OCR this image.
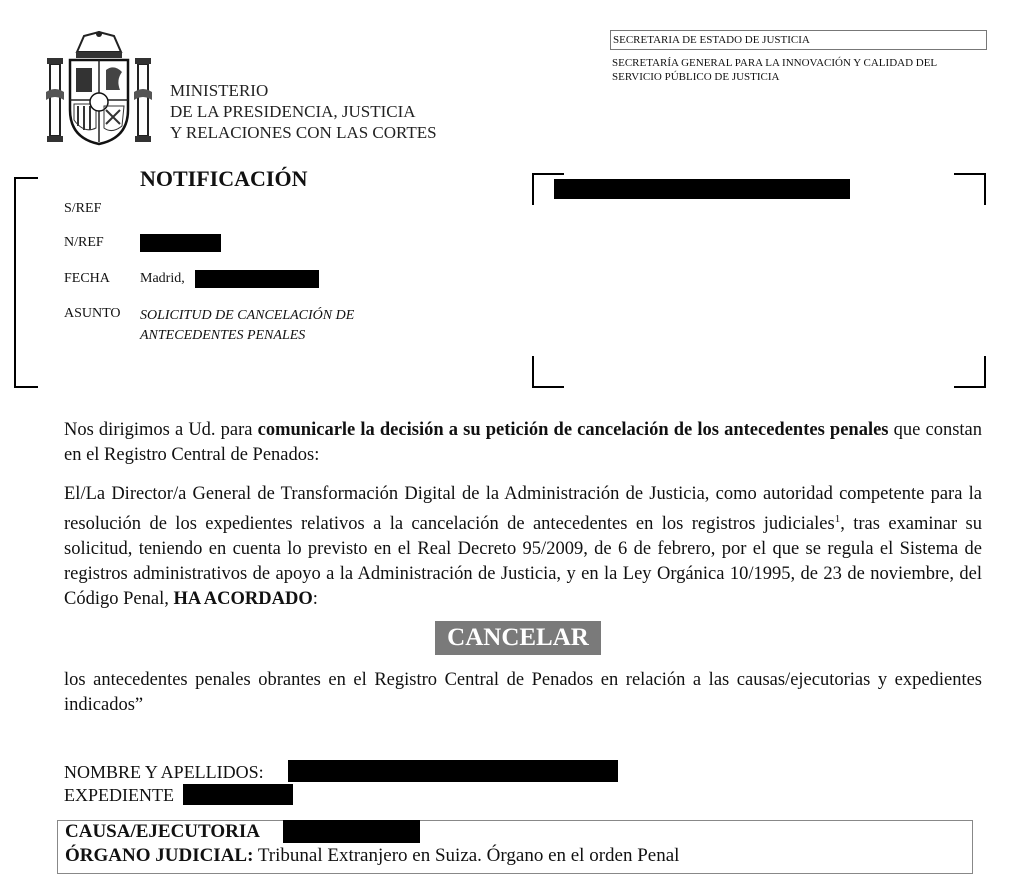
MINISTERIO
DE LA PRESIDENCIA, JUSTICIA
Y RELACIONES CON LAS CORTES
SECRETARIA DE ESTADO DE JUSTICIA
SECRETARÍA GENERAL PARA LA INNOVACIÓN Y CALIDAD DEL
SERVICIO PÚBLICO DE JUSTICIA
NOTIFICACIÓN
S/REF
N/REF
FECHA Madrid,
ASUNTO SOLICITUD DE CANCELACIÓN DE
ANTECEDENTES PENALES
Nos dirigimos a Ud. para comunicarle la decisión a su petición de cancelación de los antecedentes penales que constan en el Registro Central de Penados:
El/La Director/a General de Transformación Digital de la Administración de Justicia, como autoridad competente para la resolución de los expedientes relativos a la cancelación de antecedentes en los registros judiciales$^1$, tras examinar su solicitud, teniendo en cuenta lo previsto en el Real Decreto 95/2009, de 6 de febrero, por el que se regula el Sistema de registros administrativos de apoyo a la Administración de Justicia, y en la Ley Orgánica 10/1995, de 23 de noviembre, del Código Penal, HA ACORDADO:
CANCELAR
los antecedentes penales obrantes en el Registro Central de Penados en relación a las causas/ejecutorias y expedientes indicados”
NOMBRE Y APELLIDOS:
EXPEDIENTE
CAUSA/EJECUTORIA
ÓRGANO JUDICIAL: Tribunal Extranjero en Suiza. Órgano en el orden Penal
